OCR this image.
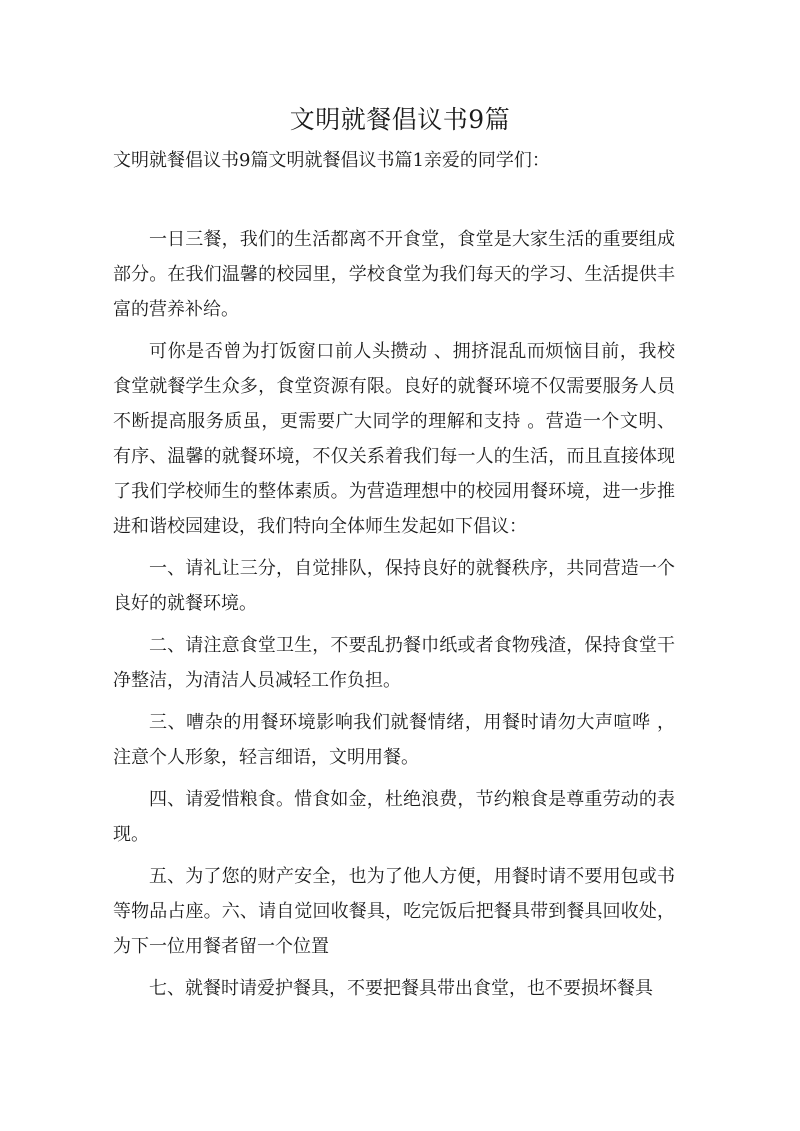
文明就餐倡议书9篇

文明就餐倡议书9篇文明就餐倡议书篇1亲爱的同学们：

一日三餐，我们的生活都离不开食堂，食堂是大家生活的重要组成部分。在我们温馨的校园里，学校食堂为我们每天的学习、生活提供丰富的营养补给。

可你是否曾为打饭窗口前人头攒动 、拥挤混乱而烦恼目前，我校食堂就餐学生众多，食堂资源有限。良好的就餐环境不仅需要服务人员不断提高服务质虽，更需要广大同学的理解和支持 。营造一个文明、有序、温馨的就餐环境，不仅关系着我们每一人的生活，而且直接体现了我们学校师生的整体素质。为营造理想中的校园用餐环境，进一步推进和谐校园建设，我们特向全体师生发起如下倡议：

一、请礼让三分，自觉排队，保持良好的就餐秩序，共同营造一个良好的就餐环境。

二、请注意食堂卫生，不要乱扔餐巾纸或者食物残渣，保持食堂干净整洁，为清洁人员减轻工作负担。

三、嘈杂的用餐环境影响我们就餐情绪，用餐时请勿大声喧哗 ，注意个人形象，轻言细语，文明用餐。

四、请爱惜粮食。惜食如金，杜绝浪费，节约粮食是尊重劳动的表现。

五、为了您的财产安全，也为了他人方便，用餐时请不要用包或书等物品占座。六、请自觉回收餐具，吃完饭后把餐具带到餐具回收处，为下一位用餐者留一个位置

七、就餐时请爱护餐具，不要把餐具带出食堂，也不要损坏餐具
